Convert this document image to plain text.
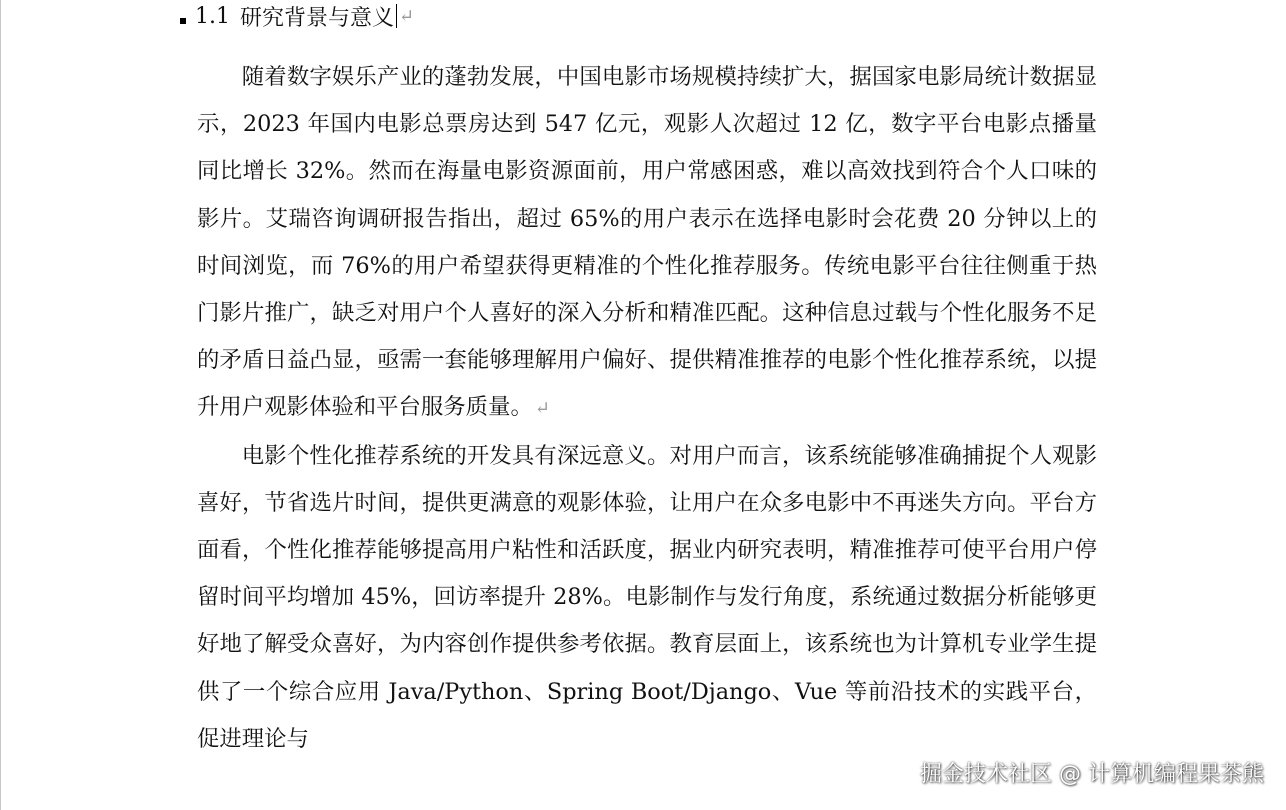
1.1 研究背景与意义 ↵

随着数字娱乐产业的蓬勃发展，中国电影市场规模持续扩大，据国家电影局统计数据显示，2023 年国内电影总票房达到 547 亿元，观影人次超过 12 亿，数字平台电影点播量同比增长 32%。然而在海量电影资源面前，用户常感困惑，难以高效找到符合个人口味的影片。艾瑞咨询调研报告指出，超过 65%的用户表示在选择电影时会花费 20 分钟以上的时间浏览，而 76%的用户希望获得更精准的个性化推荐服务。传统电影平台往往侧重于热门影片推广，缺乏对用户个人喜好的深入分析和精准匹配。这种信息过载与个性化服务不足的矛盾日益凸显，亟需一套能够理解用户偏好、提供精准推荐的电影个性化推荐系统，以提升用户观影体验和平台服务质量。 ↵

电影个性化推荐系统的开发具有深远意义。对用户而言，该系统能够准确捕捉个人观影喜好，节省选片时间，提供更满意的观影体验，让用户在众多电影中不再迷失方向。平台方面看，个性化推荐能够提高用户粘性和活跃度，据业内研究表明，精准推荐可使平台用户停留时间平均增加 45%，回访率提升 28%。电影制作与发行角度，系统通过数据分析能够更好地了解受众喜好，为内容创作提供参考依据。教育层面上，该系统也为计算机专业学生提供了一个综合应用 Java/Python、Spring Boot/Django、Vue 等前沿技术的实践平台，促进理论与

掘金技术社区 @ 计算机编程果茶熊
